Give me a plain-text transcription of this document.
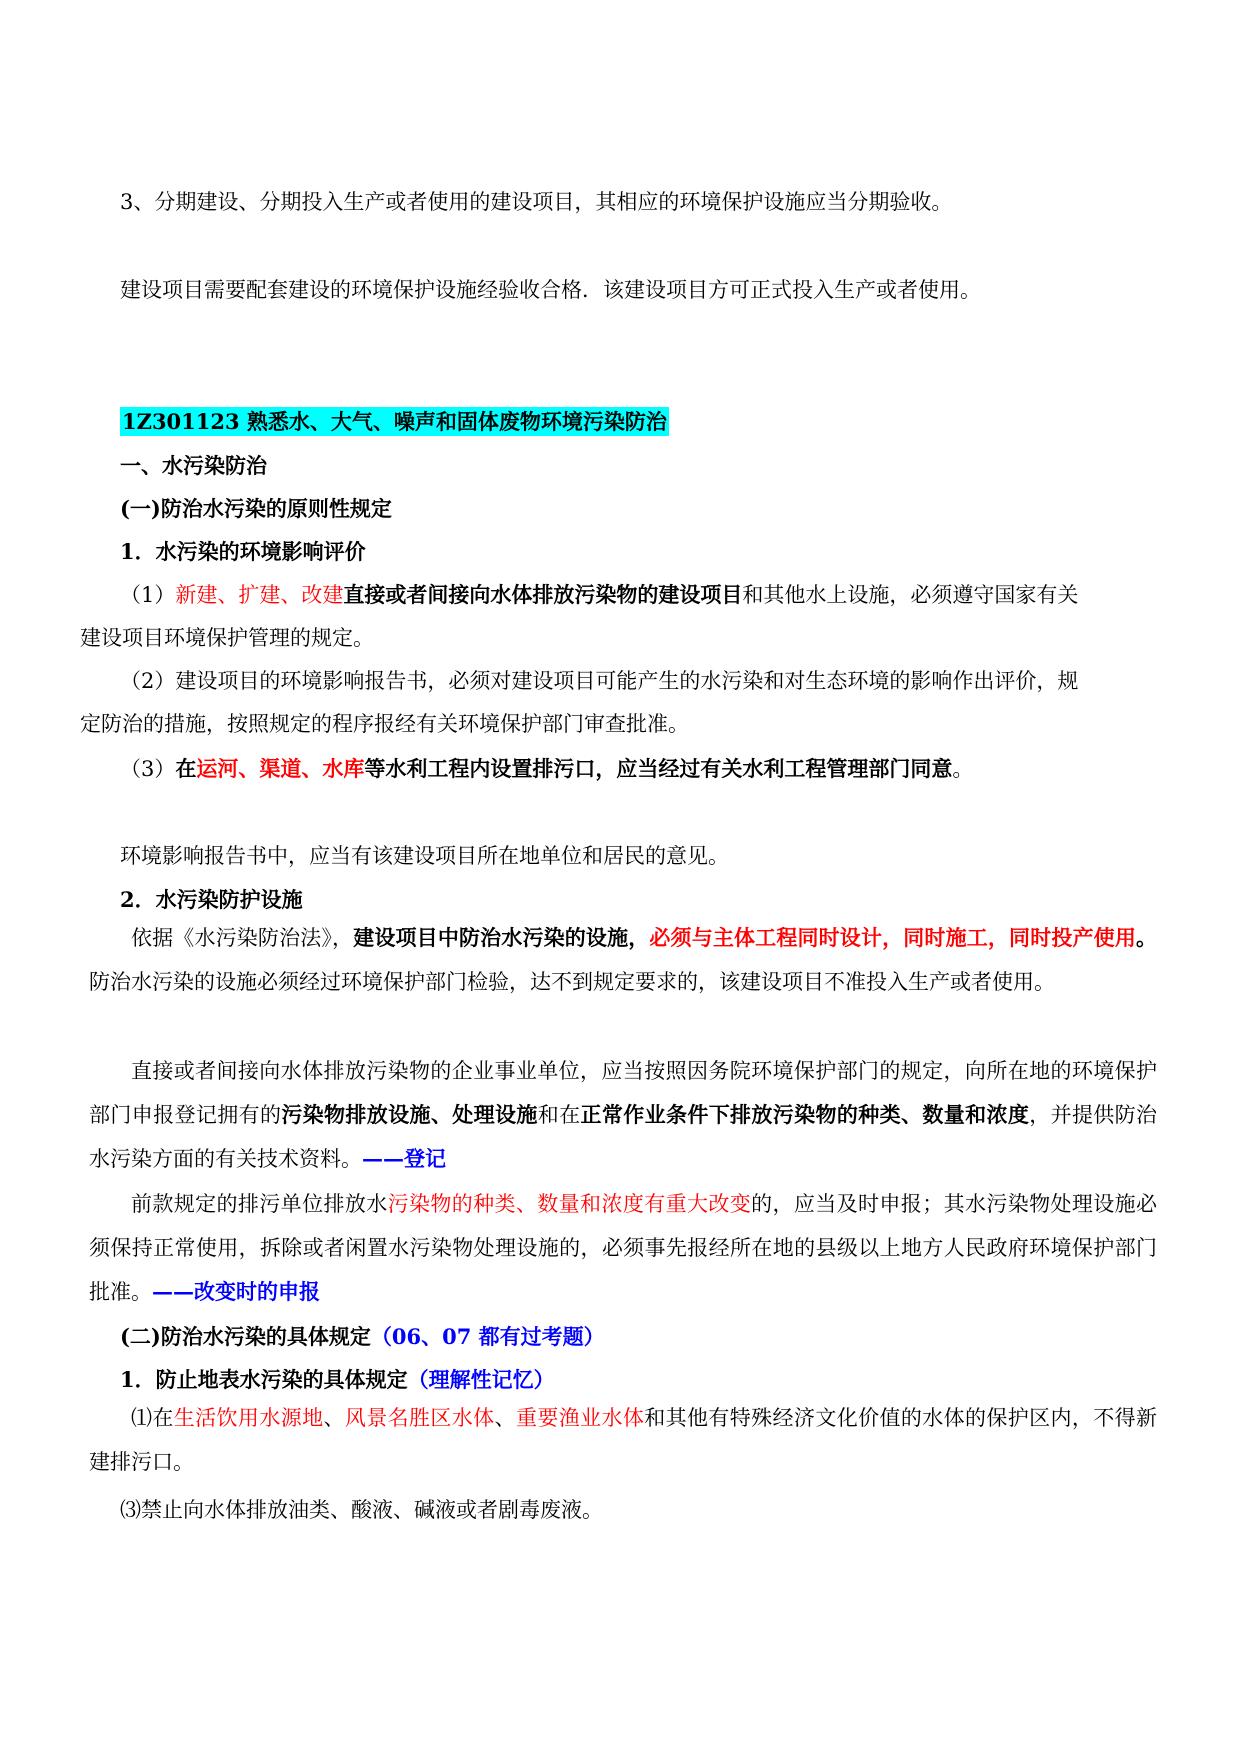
3、分期建设、分期投入生产或者使用的建设项目，其相应的环境保护设施应当分期验收。
建设项目需要配套建设的环境保护设施经验收合格．该建设项目方可正式投入生产或者使用。
1Z301123 熟悉水、大气、噪声和固体废物环境污染防治
一、水污染防治
(一)防治水污染的原则性规定
1．水污染的环境影响评价
（1）新建、扩建、改建直接或者间接向水体排放污染物的建设项目和其他水上设施，必须遵守国家有关
建设项目环境保护管理的规定。
（2）建设项目的环境影响报告书，必须对建设项目可能产生的水污染和对生态环境的影响作出评价，规
定防治的措施，按照规定的程序报经有关环境保护部门审查批准。
（3）在运河、渠道、水库等水利工程内设置排污口，应当经过有关水利工程管理部门同意。
环境影响报告书中，应当有该建设项目所在地单位和居民的意见。
2．水污染防护设施
依据《水污染防治法》，建设项目中防治水污染的设施，必须与主体工程同时设计，同时施工，同时投产使用。防治水污染的设施必须经过环境保护部门检验，达不到规定要求的，该建设项目不准投入生产或者使用。
直接或者间接向水体排放污染物的企业事业单位，应当按照因务院环境保护部门的规定，向所在地的环境保护部门申报登记拥有的污染物排放设施、处理设施和在正常作业条件下排放污染物的种类、数量和浓度，并提供防治水污染方面的有关技术资料。——登记
前款规定的排污单位排放水污染物的种类、数量和浓度有重大改变的，应当及时申报；其水污染物处理设施必须保持正常使用，拆除或者闲置水污染物处理设施的，必须事先报经所在地的县级以上地方人民政府环境保护部门批准。——改变时的申报
(二)防治水污染的具体规定（06、07 都有过考题）
1．防止地表水污染的具体规定（理解性记忆）
⑴在生活饮用水源地、风景名胜区水体、重要渔业水体和其他有特殊经济文化价值的水体的保护区内，不得新建排污口。
⑶禁止向水体排放油类、酸液、碱液或者剧毒废液。
